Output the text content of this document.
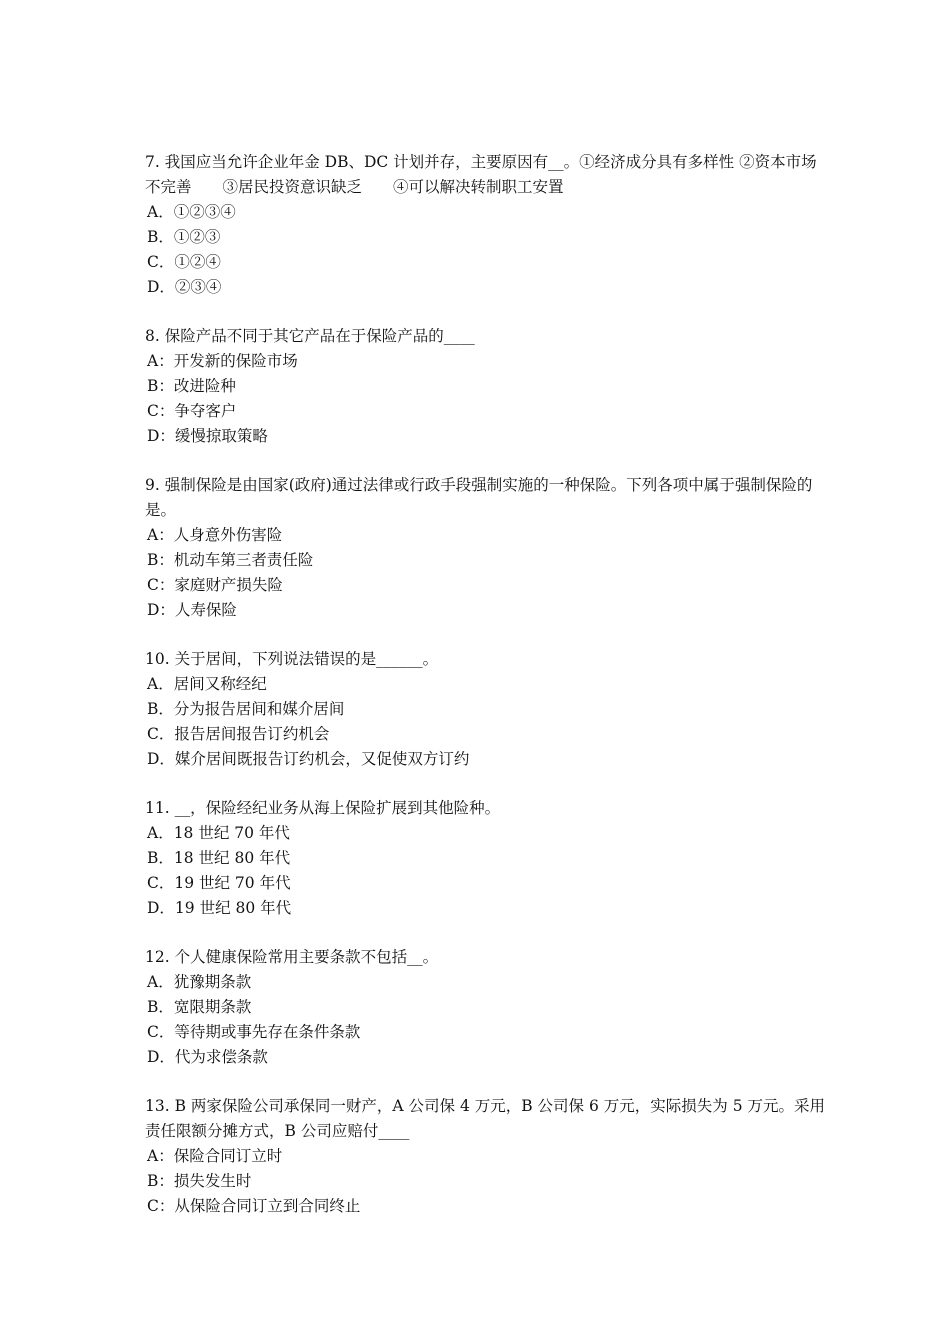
7. 我国应当允许企业年金 DB、DC 计划并存，主要原因有__。①经济成分具有多样性 ②资本市场不完善　　③居民投资意识缺乏　　④可以解决转制职工安置

A．①②③④

B．①②③

C．①②④

D．②③④

8. 保险产品不同于其它产品在于保险产品的____

A：开发新的保险市场

B：改进险种

C：争夺客户

D：缓慢掠取策略

9. 强制保险是由国家(政府)通过法律或行政手段强制实施的一种保险。下列各项中属于强制保险的是。

A：人身意外伤害险

B：机动车第三者责任险

C：家庭财产损失险

D：人寿保险

10. 关于居间，下列说法错误的是______。

A．居间又称经纪

B．分为报告居间和媒介居间

C．报告居间报告订约机会

D．媒介居间既报告订约机会，又促使双方订约

11. __，保险经纪业务从海上保险扩展到其他险种。

A．18 世纪 70 年代

B．18 世纪 80 年代

C．19 世纪 70 年代

D．19 世纪 80 年代

12. 个人健康保险常用主要条款不包括__。

A．犹豫期条款

B．宽限期条款

C．等待期或事先存在条件条款

D．代为求偿条款

13. B 两家保险公司承保同一财产，A 公司保 4 万元，B 公司保 6 万元，实际损失为 5 万元。采用责任限额分摊方式，B 公司应赔付____

A：保险合同订立时

B：损失发生时

C：从保险合同订立到合同终止
